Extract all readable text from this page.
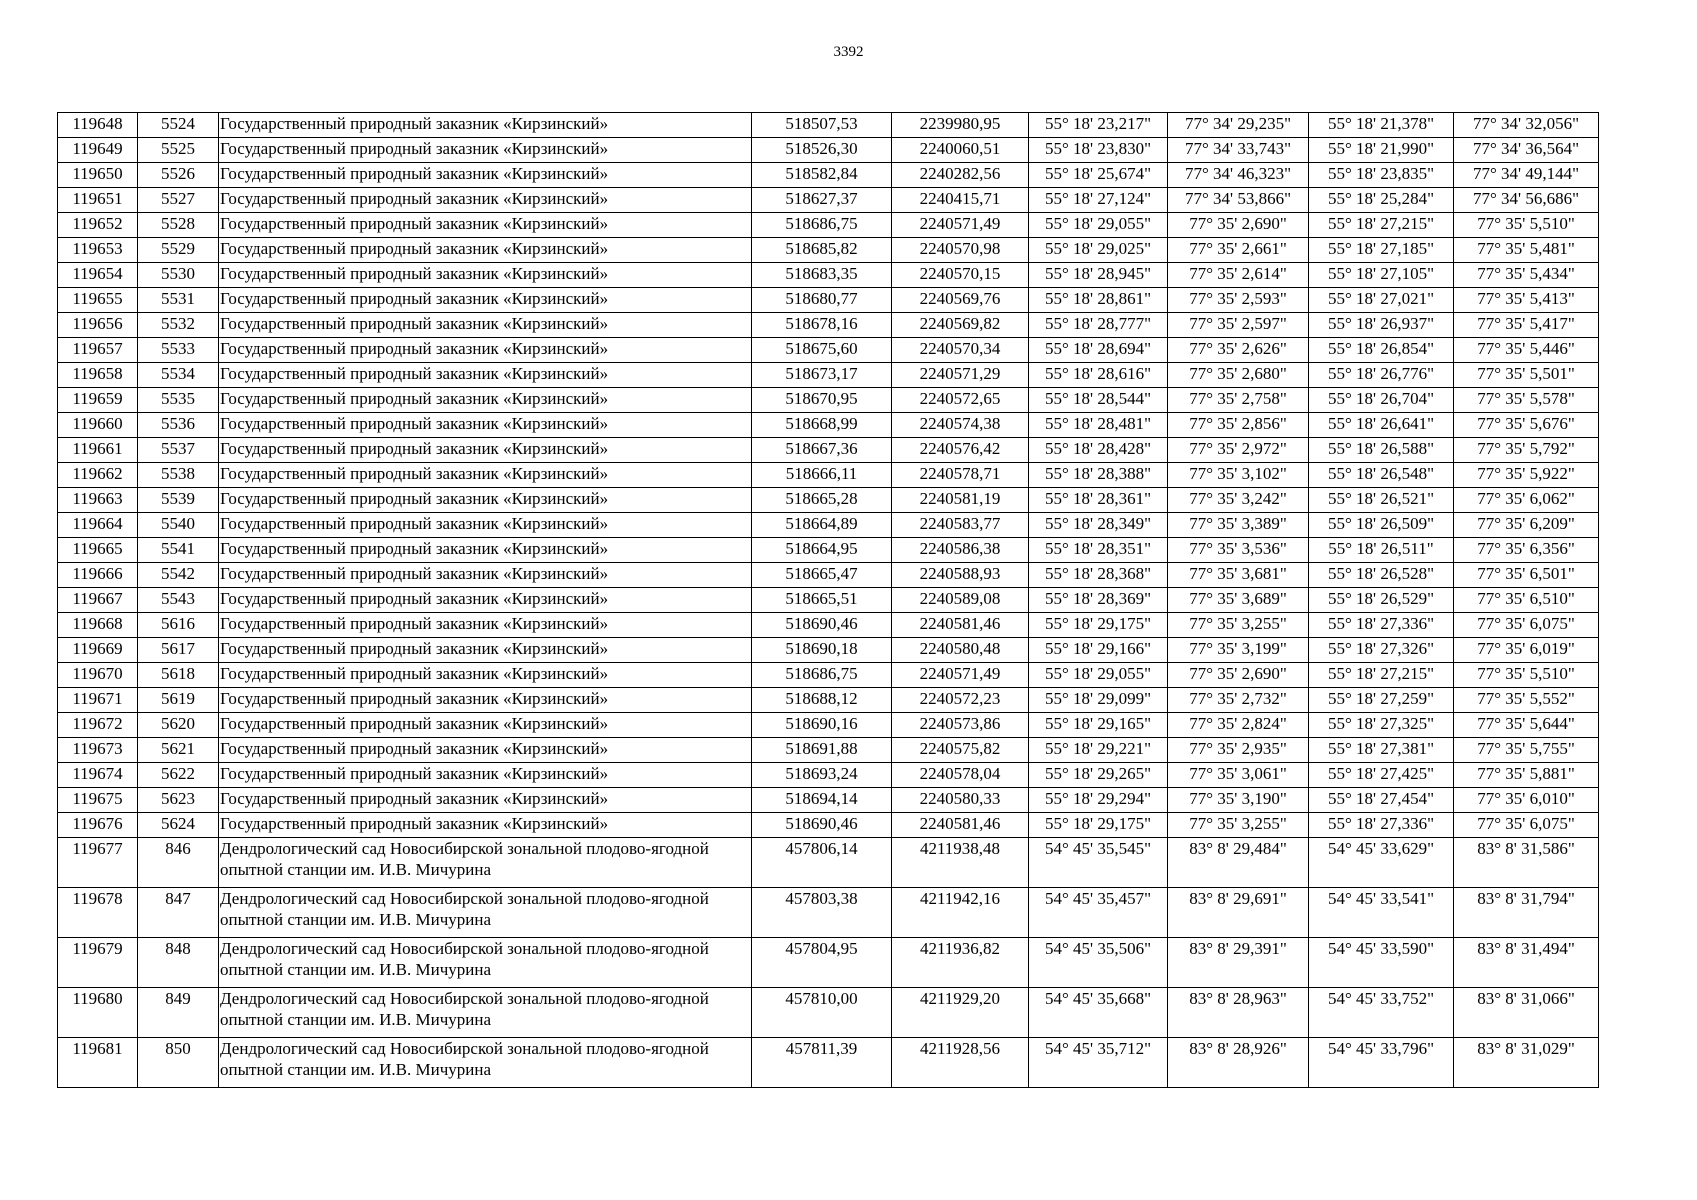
3392
119648	5524	Государственный природный заказник «Кирзинский»	518507,53	2239980,95	55° 18' 23,217"	77° 34' 29,235"	55° 18' 21,378"	77° 34' 32,056"
119649	5525	Государственный природный заказник «Кирзинский»	518526,30	2240060,51	55° 18' 23,830"	77° 34' 33,743"	55° 18' 21,990"	77° 34' 36,564"
119650	5526	Государственный природный заказник «Кирзинский»	518582,84	2240282,56	55° 18' 25,674"	77° 34' 46,323"	55° 18' 23,835"	77° 34' 49,144"
119651	5527	Государственный природный заказник «Кирзинский»	518627,37	2240415,71	55° 18' 27,124"	77° 34' 53,866"	55° 18' 25,284"	77° 34' 56,686"
119652	5528	Государственный природный заказник «Кирзинский»	518686,75	2240571,49	55° 18' 29,055"	77° 35' 2,690"	55° 18' 27,215"	77° 35' 5,510"
119653	5529	Государственный природный заказник «Кирзинский»	518685,82	2240570,98	55° 18' 29,025"	77° 35' 2,661"	55° 18' 27,185"	77° 35' 5,481"
119654	5530	Государственный природный заказник «Кирзинский»	518683,35	2240570,15	55° 18' 28,945"	77° 35' 2,614"	55° 18' 27,105"	77° 35' 5,434"
119655	5531	Государственный природный заказник «Кирзинский»	518680,77	2240569,76	55° 18' 28,861"	77° 35' 2,593"	55° 18' 27,021"	77° 35' 5,413"
119656	5532	Государственный природный заказник «Кирзинский»	518678,16	2240569,82	55° 18' 28,777"	77° 35' 2,597"	55° 18' 26,937"	77° 35' 5,417"
119657	5533	Государственный природный заказник «Кирзинский»	518675,60	2240570,34	55° 18' 28,694"	77° 35' 2,626"	55° 18' 26,854"	77° 35' 5,446"
119658	5534	Государственный природный заказник «Кирзинский»	518673,17	2240571,29	55° 18' 28,616"	77° 35' 2,680"	55° 18' 26,776"	77° 35' 5,501"
119659	5535	Государственный природный заказник «Кирзинский»	518670,95	2240572,65	55° 18' 28,544"	77° 35' 2,758"	55° 18' 26,704"	77° 35' 5,578"
119660	5536	Государственный природный заказник «Кирзинский»	518668,99	2240574,38	55° 18' 28,481"	77° 35' 2,856"	55° 18' 26,641"	77° 35' 5,676"
119661	5537	Государственный природный заказник «Кирзинский»	518667,36	2240576,42	55° 18' 28,428"	77° 35' 2,972"	55° 18' 26,588"	77° 35' 5,792"
119662	5538	Государственный природный заказник «Кирзинский»	518666,11	2240578,71	55° 18' 28,388"	77° 35' 3,102"	55° 18' 26,548"	77° 35' 5,922"
119663	5539	Государственный природный заказник «Кирзинский»	518665,28	2240581,19	55° 18' 28,361"	77° 35' 3,242"	55° 18' 26,521"	77° 35' 6,062"
119664	5540	Государственный природный заказник «Кирзинский»	518664,89	2240583,77	55° 18' 28,349"	77° 35' 3,389"	55° 18' 26,509"	77° 35' 6,209"
119665	5541	Государственный природный заказник «Кирзинский»	518664,95	2240586,38	55° 18' 28,351"	77° 35' 3,536"	55° 18' 26,511"	77° 35' 6,356"
119666	5542	Государственный природный заказник «Кирзинский»	518665,47	2240588,93	55° 18' 28,368"	77° 35' 3,681"	55° 18' 26,528"	77° 35' 6,501"
119667	5543	Государственный природный заказник «Кирзинский»	518665,51	2240589,08	55° 18' 28,369"	77° 35' 3,689"	55° 18' 26,529"	77° 35' 6,510"
119668	5616	Государственный природный заказник «Кирзинский»	518690,46	2240581,46	55° 18' 29,175"	77° 35' 3,255"	55° 18' 27,336"	77° 35' 6,075"
119669	5617	Государственный природный заказник «Кирзинский»	518690,18	2240580,48	55° 18' 29,166"	77° 35' 3,199"	55° 18' 27,326"	77° 35' 6,019"
119670	5618	Государственный природный заказник «Кирзинский»	518686,75	2240571,49	55° 18' 29,055"	77° 35' 2,690"	55° 18' 27,215"	77° 35' 5,510"
119671	5619	Государственный природный заказник «Кирзинский»	518688,12	2240572,23	55° 18' 29,099"	77° 35' 2,732"	55° 18' 27,259"	77° 35' 5,552"
119672	5620	Государственный природный заказник «Кирзинский»	518690,16	2240573,86	55° 18' 29,165"	77° 35' 2,824"	55° 18' 27,325"	77° 35' 5,644"
119673	5621	Государственный природный заказник «Кирзинский»	518691,88	2240575,82	55° 18' 29,221"	77° 35' 2,935"	55° 18' 27,381"	77° 35' 5,755"
119674	5622	Государственный природный заказник «Кирзинский»	518693,24	2240578,04	55° 18' 29,265"	77° 35' 3,061"	55° 18' 27,425"	77° 35' 5,881"
119675	5623	Государственный природный заказник «Кирзинский»	518694,14	2240580,33	55° 18' 29,294"	77° 35' 3,190"	55° 18' 27,454"	77° 35' 6,010"
119676	5624	Государственный природный заказник «Кирзинский»	518690,46	2240581,46	55° 18' 29,175"	77° 35' 3,255"	55° 18' 27,336"	77° 35' 6,075"
119677	846	Дендрологический сад Новосибирской зональной плодово-ягодной опытной станции им. И.В. Мичурина	457806,14	4211938,48	54° 45' 35,545"	83° 8' 29,484"	54° 45' 33,629"	83° 8' 31,586"
119678	847	Дендрологический сад Новосибирской зональной плодово-ягодной опытной станции им. И.В. Мичурина	457803,38	4211942,16	54° 45' 35,457"	83° 8' 29,691"	54° 45' 33,541"	83° 8' 31,794"
119679	848	Дендрологический сад Новосибирской зональной плодово-ягодной опытной станции им. И.В. Мичурина	457804,95	4211936,82	54° 45' 35,506"	83° 8' 29,391"	54° 45' 33,590"	83° 8' 31,494"
119680	849	Дендрологический сад Новосибирской зональной плодово-ягодной опытной станции им. И.В. Мичурина	457810,00	4211929,20	54° 45' 35,668"	83° 8' 28,963"	54° 45' 33,752"	83° 8' 31,066"
119681	850	Дендрологический сад Новосибирской зональной плодово-ягодной опытной станции им. И.В. Мичурина	457811,39	4211928,56	54° 45' 35,712"	83° 8' 28,926"	54° 45' 33,796"	83° 8' 31,029"
